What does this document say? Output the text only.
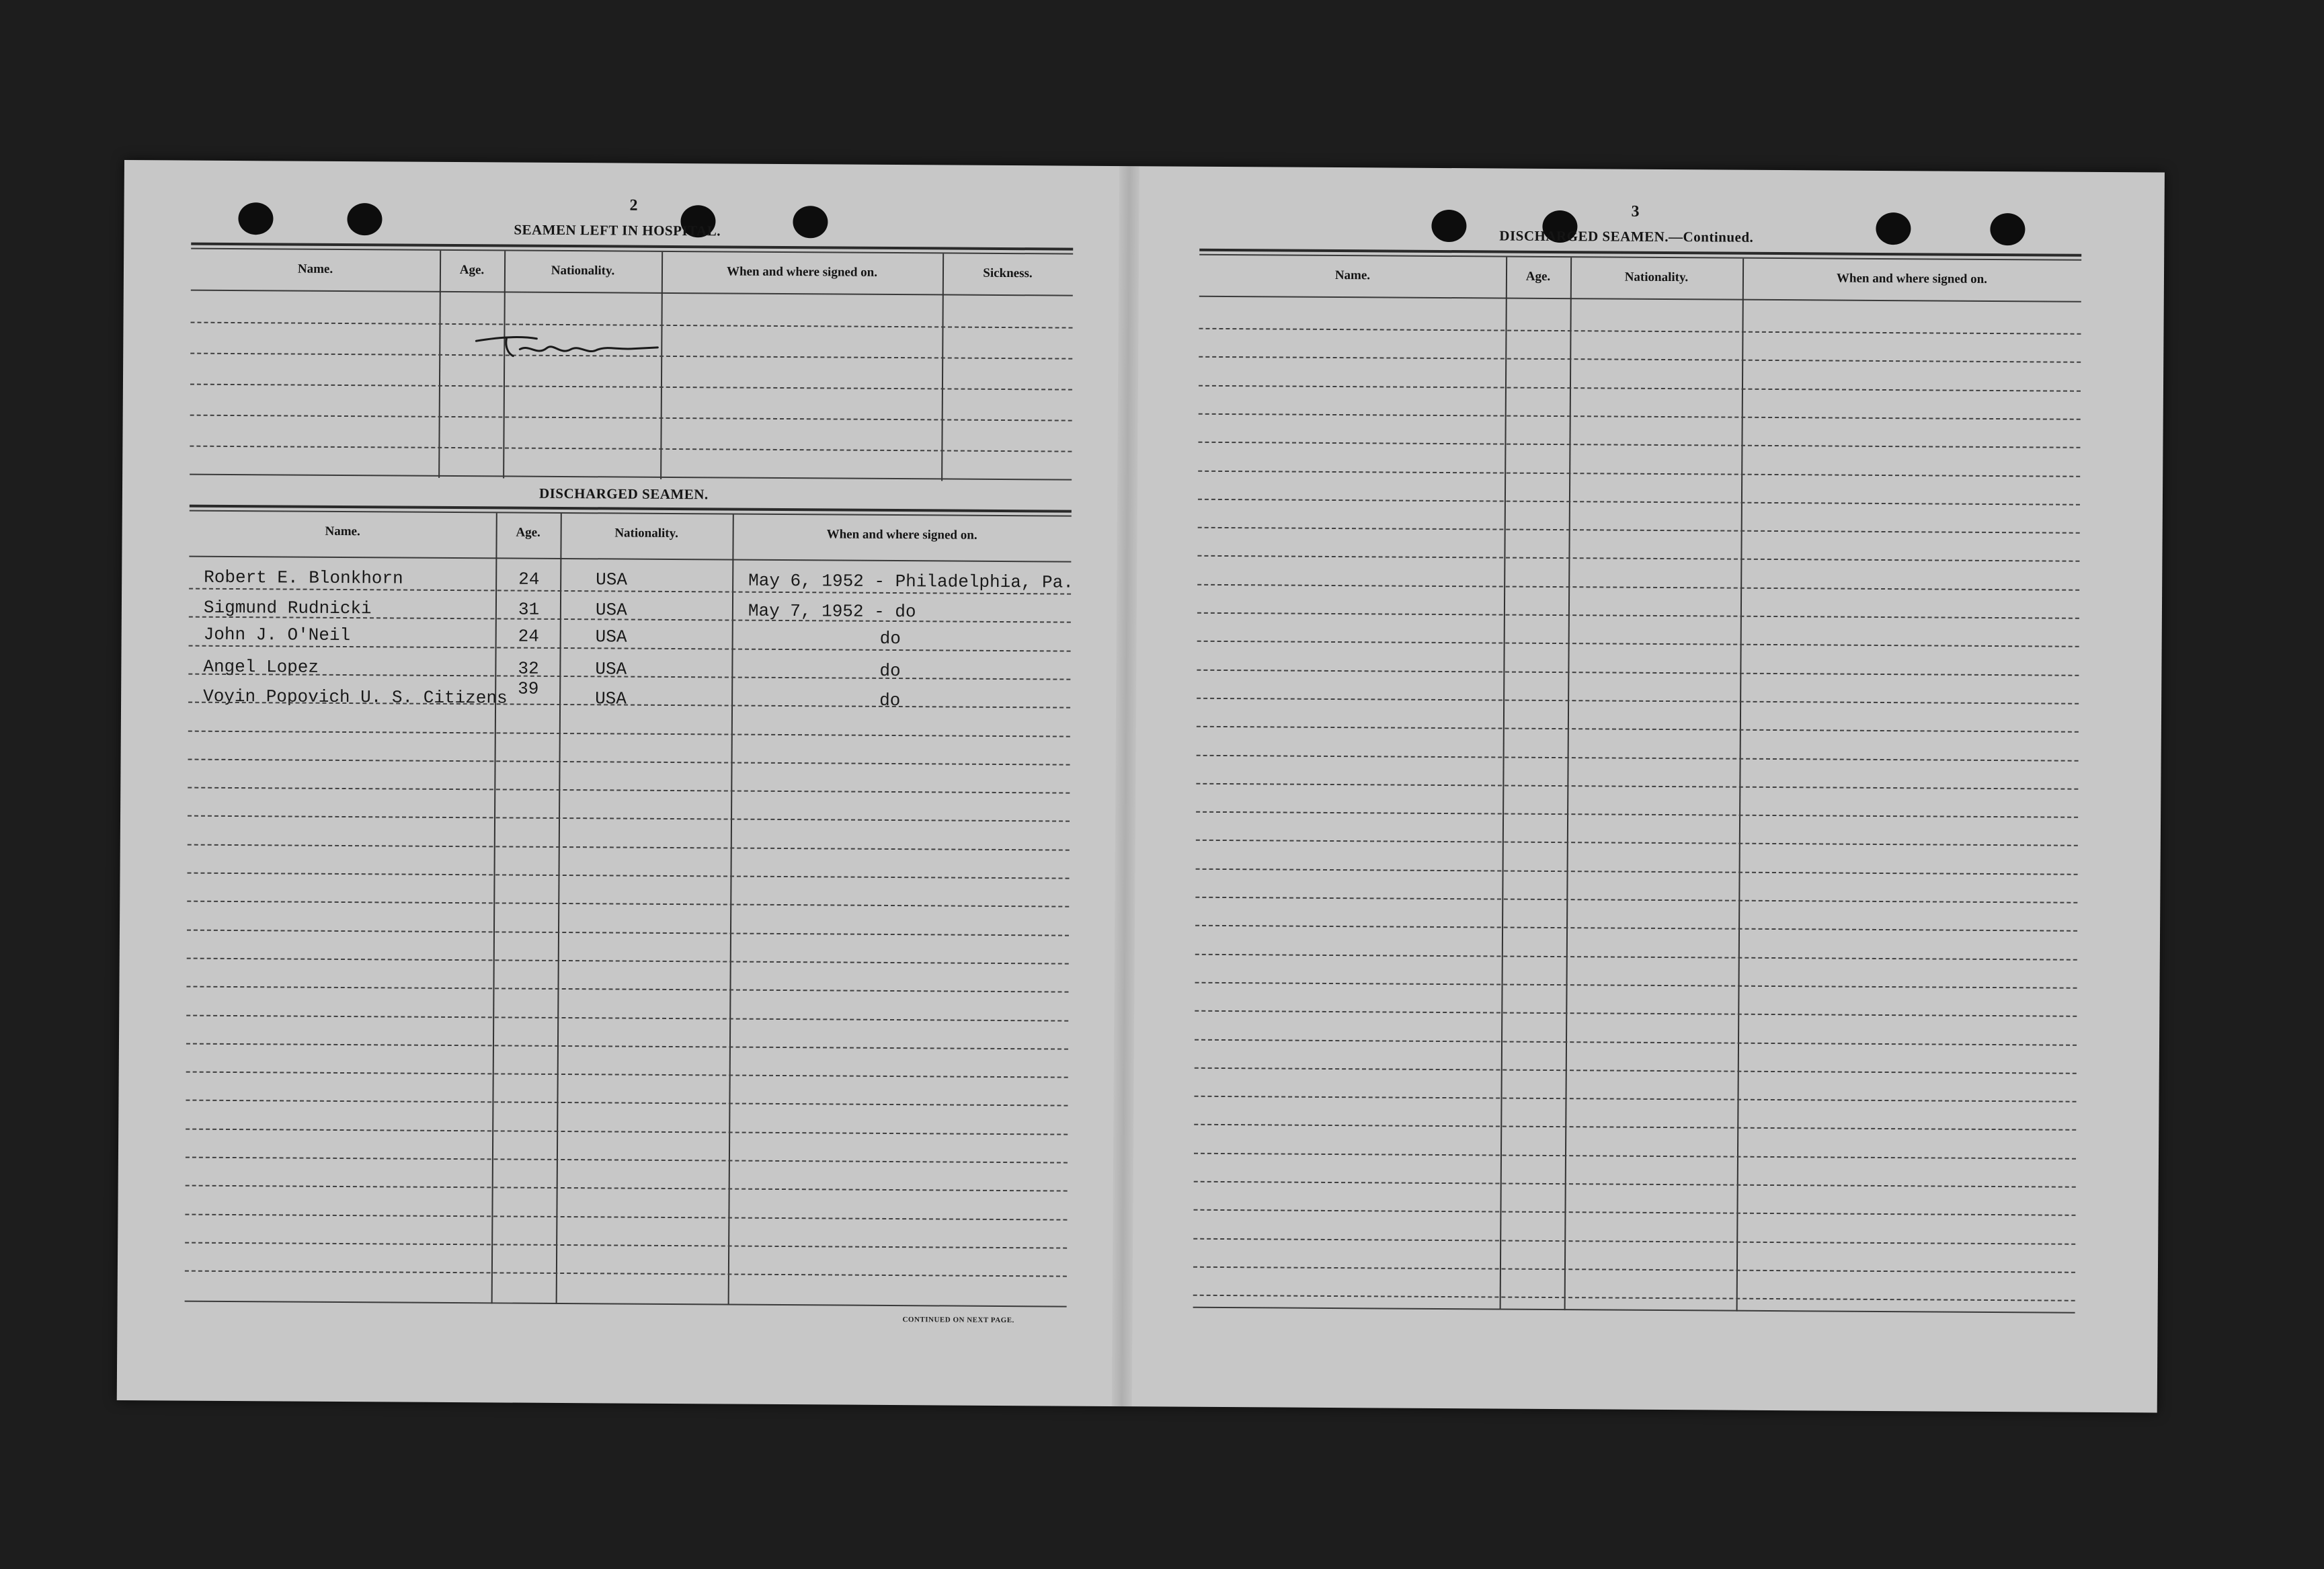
2
SEAMEN LEFT IN HOSPITAL.
Name.	Age.	Nationality.	When and where signed on.	Sickness.
DISCHARGED SEAMEN.
Name.	Age.	Nationality.	When and where signed on.
Robert E. Blonkhorn	24	USA	May 6, 1952 - Philadelphia, Pa.
Sigmund Rudnicki	31	USA	May 7, 1952 - do
John J. O'Neil	24	USA	do
Angel Lopez	32	USA	do
Voyin Popovich U. S. Citizens 39	USA	do
CONTINUED ON NEXT PAGE.
3
DISCHARGED SEAMEN.—Continued.
Name.	Age.	Nationality.	When and where signed on.
